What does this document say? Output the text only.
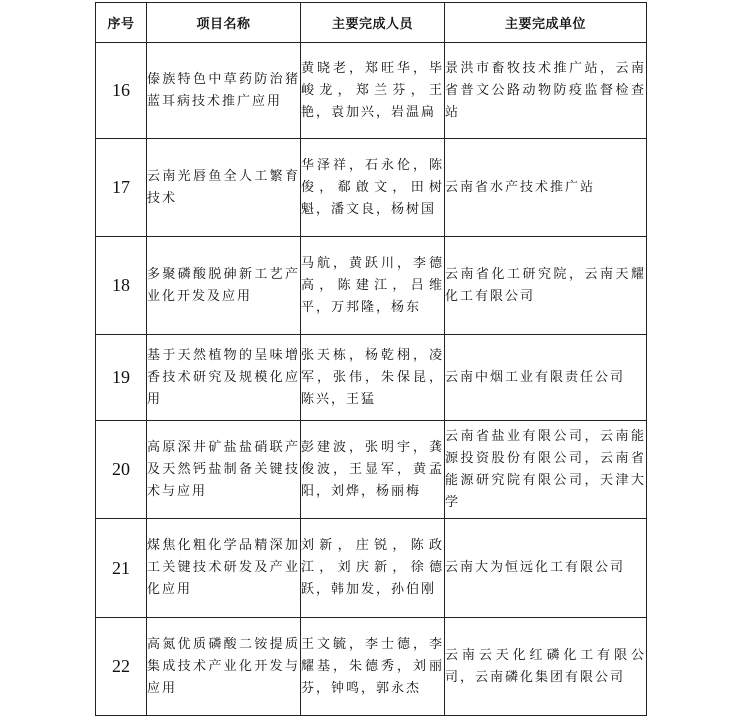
序号	项目名称	主要完成人员	主要完成单位
16	傣族特色中草药防治猪蓝耳病技术推广应用	黄晓老，郑旺华，毕峻龙，郑兰芬，王艳，袁加兴，岩温扁	景洪市畜牧技术推广站，云南省普文公路动物防疫监督检查站
17	云南光唇鱼全人工繁育技术	华泽祥，石永伦，陈俊，郗啟文，田树魁，潘文良，杨树国	云南省水产技术推广站
18	多聚磷酸脱砷新工艺产业化开发及应用	马航，黄跃川，李德高，陈建江，吕维平，万邦隆，杨东	云南省化工研究院，云南天耀化工有限公司
19	基于天然植物的呈味增香技术研究及规模化应用	张天栋，杨乾栩，凌军，张伟，朱保昆，陈兴，王猛	云南中烟工业有限责任公司
20	高原深井矿盐盐硝联产及天然钙盐制备关键技术与应用	彭建波，张明宇，龚俊波，王显军，黄孟阳，刘烨，杨丽梅	云南省盐业有限公司，云南能源投资股份有限公司，云南省能源研究院有限公司，天津大学
21	煤焦化粗化学品精深加工关键技术研发及产业化应用	刘新，庄锐，陈政江，刘庆新，徐德跃，韩加发，孙伯刚	云南大为恒远化工有限公司
22	高氮优质磷酸二铵提质集成技术产业化开发与应用	王文毓，李士德，李耀基，朱德秀，刘丽芬，钟鸣，郭永杰	云南云天化红磷化工有限公司，云南磷化集团有限公司
